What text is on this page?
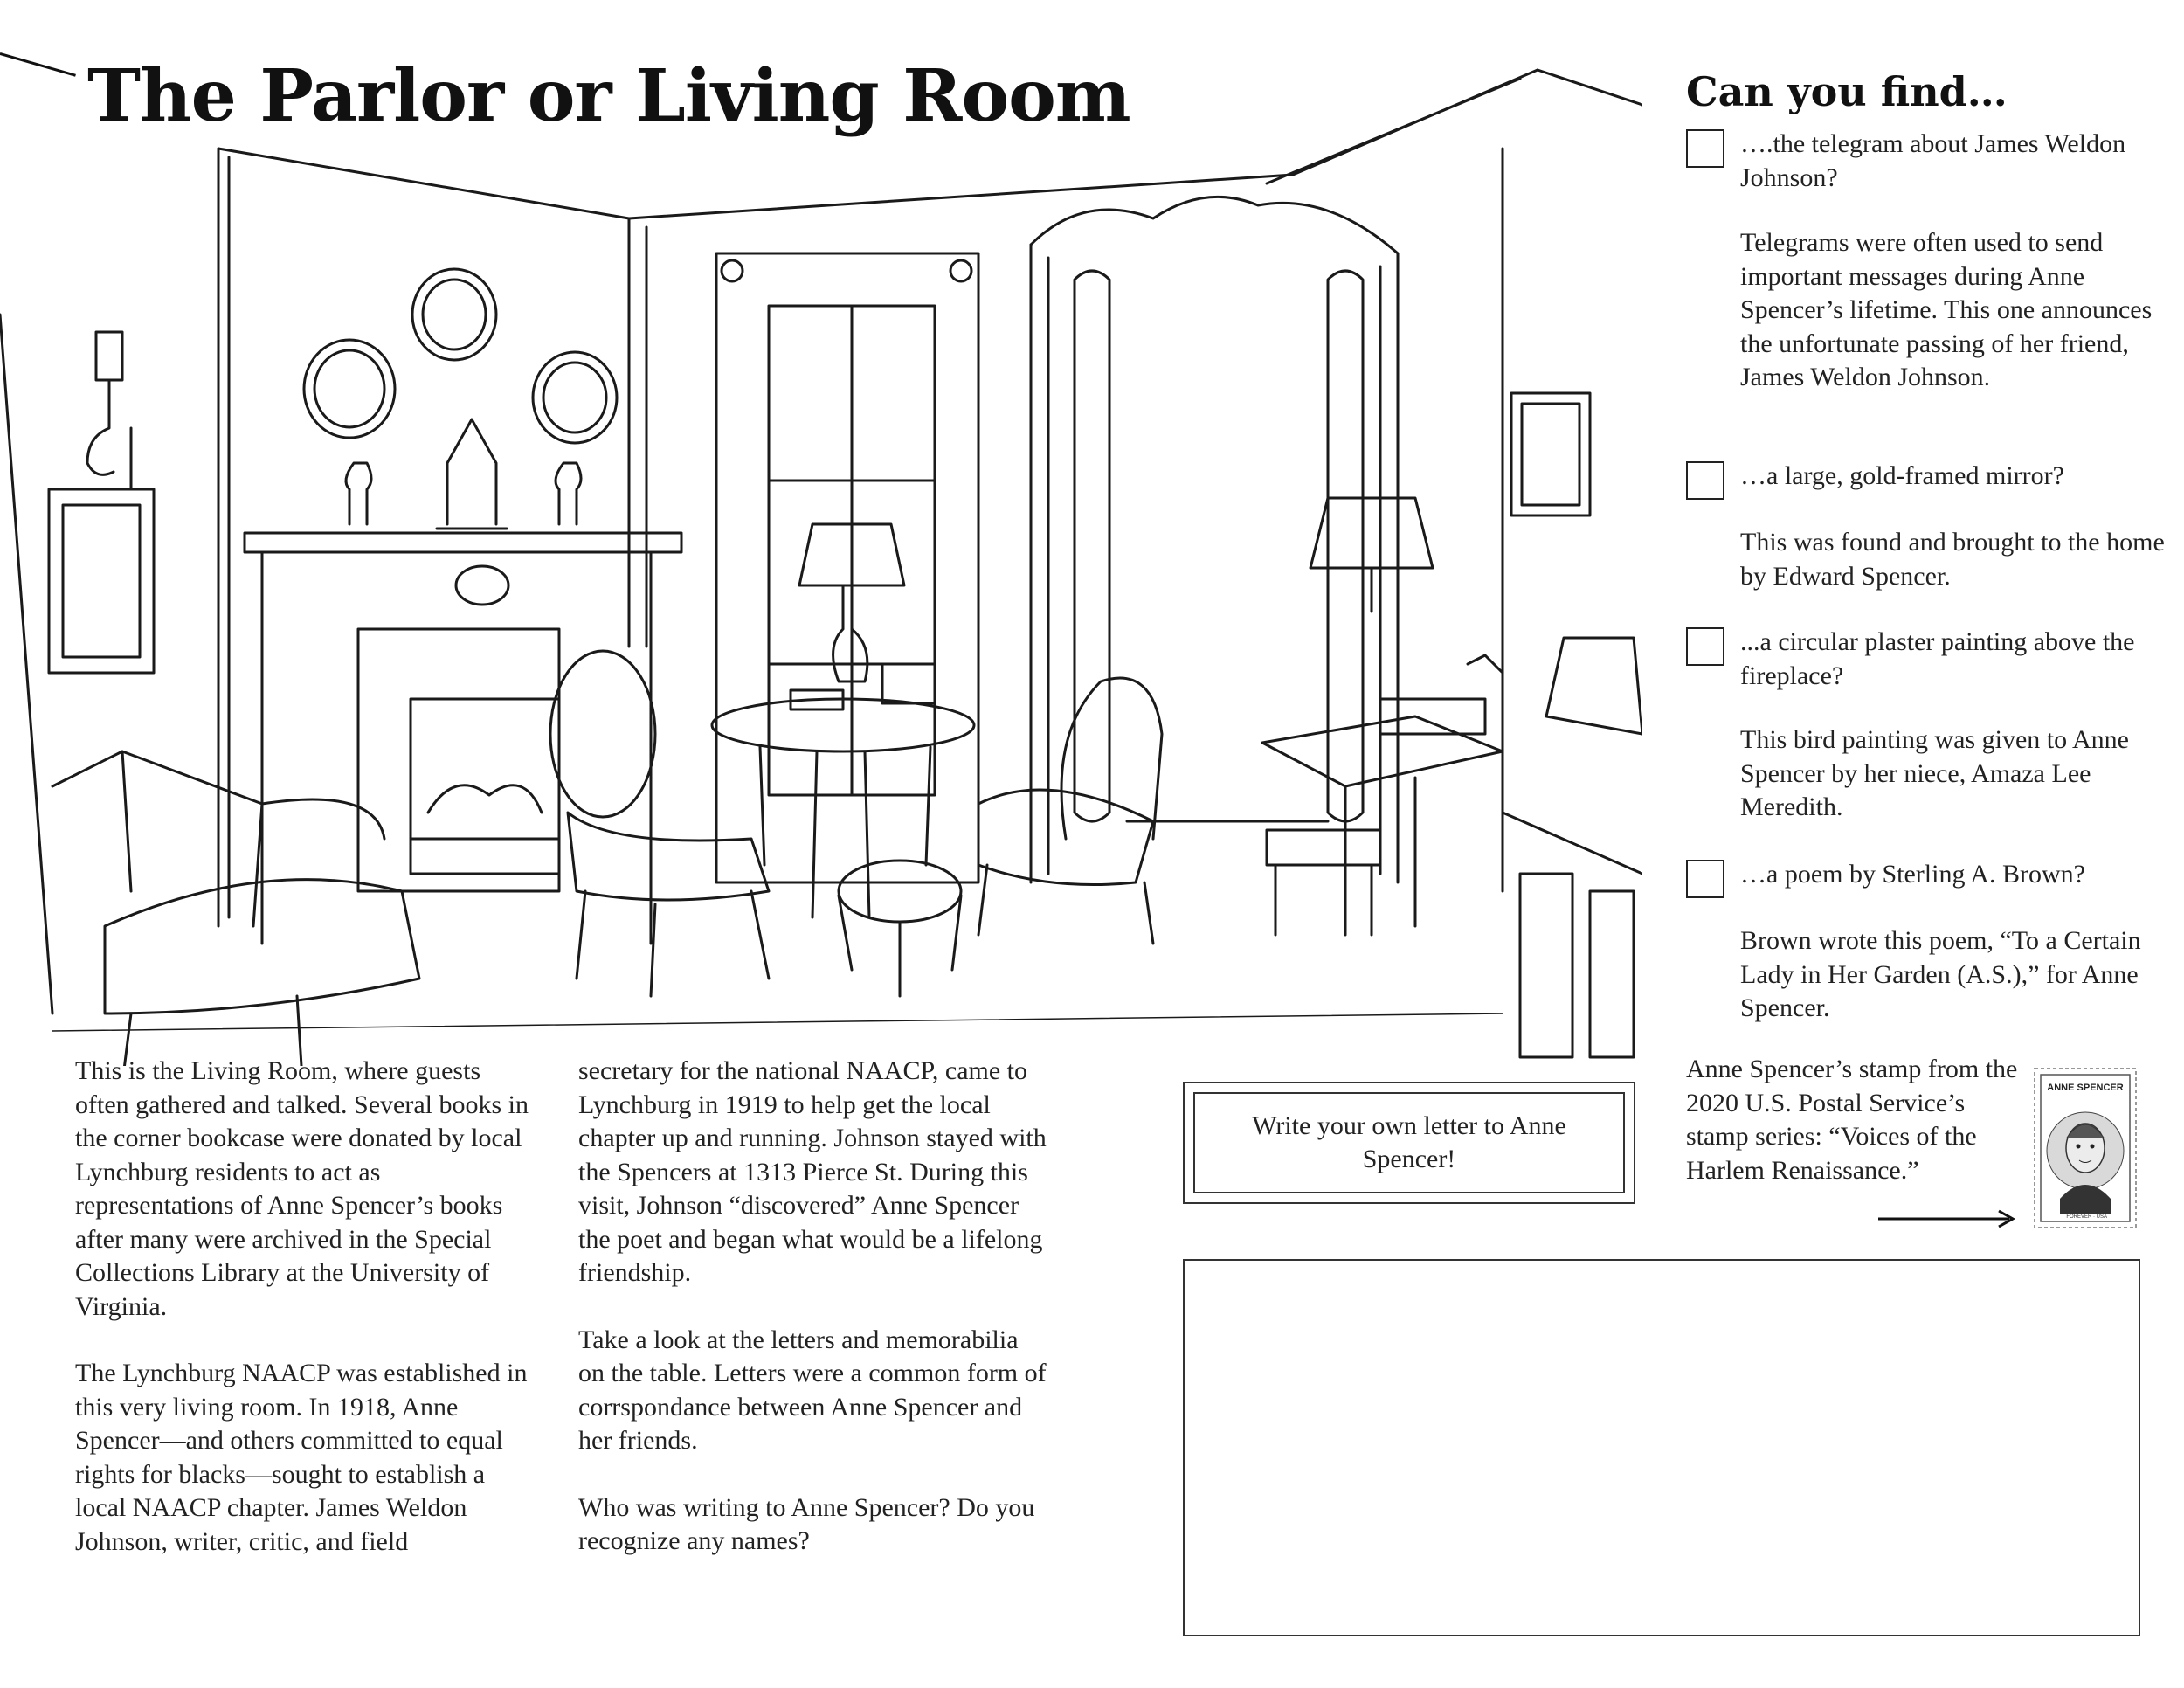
The Parlor or Living Room

This is the Living Room, where guests often gathered and talked. Several books in the corner bookcase were donated by local Lynchburg residents to act as representations of Anne Spencer’s books after many were archived in the Special Collections Library at the University of Virginia.

The Lynchburg NAACP was established in this very living room. In 1918, Anne Spencer—and others committed to equal rights for blacks—sought to establish a local NAACP chapter. James Weldon Johnson, writer, critic, and field

secretary for the national NAACP, came to Lynchburg in 1919 to help get the local chapter up and running. Johnson stayed with the Spencers at 1313 Pierce St. During this visit, Johnson “discovered” Anne Spencer the poet and began what would be a lifelong friendship.

Take a look at the letters and memorabilia on the table. Letters were a common form of corrspondance between Anne Spencer and her friends.

Who was writing to Anne Spencer? Do you recognize any names?

Can you find…
….the telegram about James Weldon Johnson?
Telegrams were often used to send important messages during Anne Spencer’s lifetime. This one announces the unfortunate passing of her friend, James Weldon Johnson.
…a large, gold-framed mirror?
This was found and brought to the home by Edward Spencer.
...a circular plaster painting above the fireplace?
This bird painting was given to Anne Spencer by her niece, Amaza Lee Meredith.
…a poem by Sterling A. Brown?
Brown wrote this poem, “To a Certain Lady in Her Garden (A.S.),” for Anne Spencer.
Anne Spencer’s stamp from the 2020 U.S. Postal Service’s stamp series: “Voices of the Harlem Renaissance.”
ANNE SPENCER
FOREVER · USA
Write your own letter to Anne Spencer!
